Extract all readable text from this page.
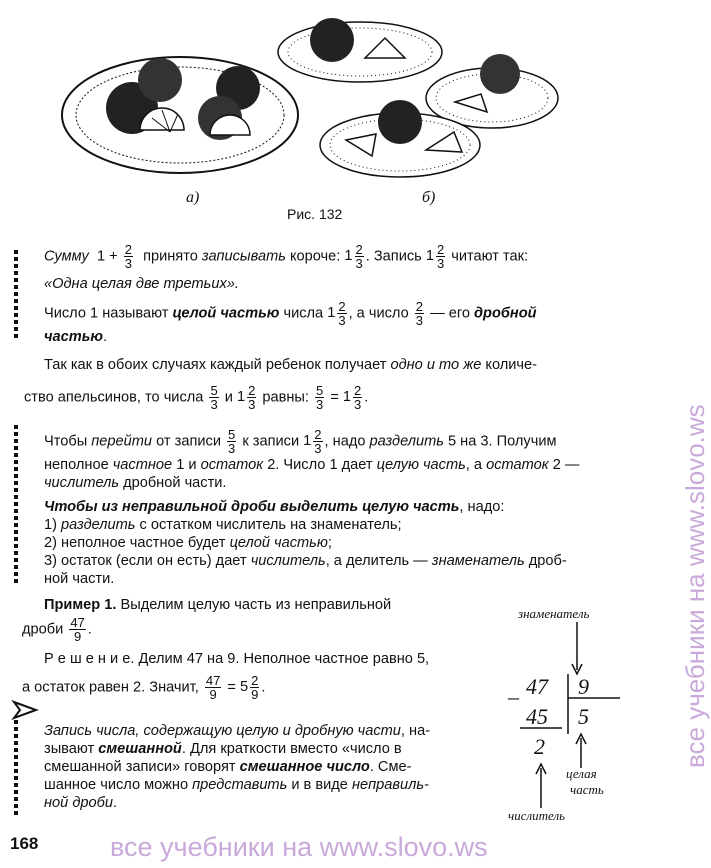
а)	б)
Рис. 132
Сумму $1 + \frac{2}{3}$ принято записывать короче: $1 \frac{2}{3}$ . Запись $1 \frac{2}{3}$ читают так:
«Одна целая две третьих».
Число 1 называют целой частью числа $1 \frac{2}{3}$ , а число $\frac{2}{3}$ — его дробной
частью.
Так как в обоих случаях каждый ребенок получает одно и то же количе-
ство апельсинов, то числа $\frac{5}{3}$ и $1 \frac{2}{3}$ равны: $\frac{5}{3} = 1 \frac{2}{3}$ .
Чтобы перейти от записи $\frac{5}{3}$ к записи $1 \frac{2}{3}$ , надо разделить 5 на 3. Получим
неполное частное 1 и остаток 2. Число 1 дает целую часть, а остаток 2 —
числитель дробной части.
Чтобы из неправильной дроби выделить целую часть, надо:
1) разделить с остатком числитель на знаменатель;
2) неполное частное будет целой частью;
3) остаток (если он есть) дает числитель, а делитель — знаменатель дроб-
ной части.
Пример 1. Выделим целую часть из неправильной
дроби $\frac{47}{9}$ .
Р е ш е н и е. Делим 47 на 9. Неполное частное равно 5,
а остаток равен 2. Значит, $\frac{47}{9} = 5 \frac{2}{9}$ .
Запись числа, содержащую целую и дробную части, на-
зывают смешанной. Для краткости вместо «число в
смешанной записи» говорят смешанное число. Сме-
шанное число можно представить и в виде неправиль-
ной дроби.
знаменатель
– 47 9
45 5
2
целая
часть
числитель
168	все учебники на www.slovo.ws
все учебники на www.slovo.ws
